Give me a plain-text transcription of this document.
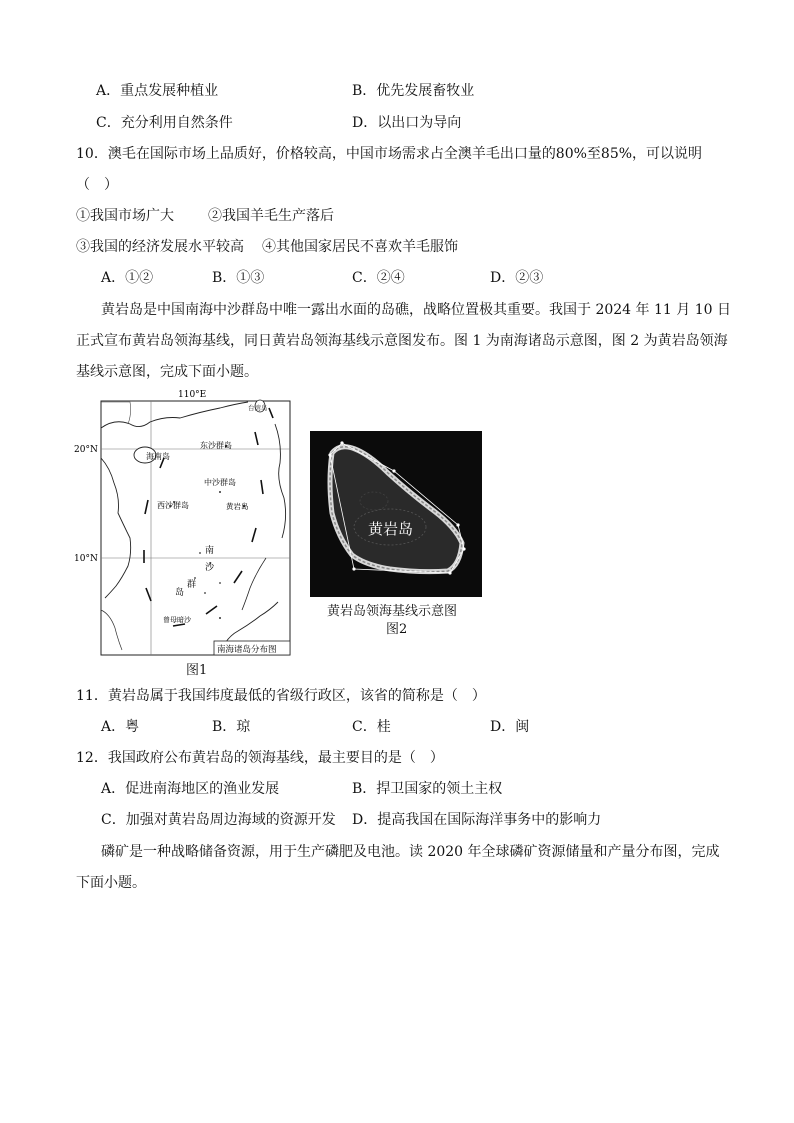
A．重点发展种植业	B．优先发展畜牧业
C．充分利用自然条件	D．以出口为导向
10．澳毛在国际市场上品质好，价格较高，中国市场需求占全澳羊毛出口量的80%至85%，可以说明
（　）
①我国市场广大 ②我国羊毛生产落后
③我国的经济发展水平较高 ④其他国家居民不喜欢羊毛服饰
A．①②	B．①③	C．②④	D．②③
黄岩岛是中国南海中沙群岛中唯一露出水面的岛礁，战略位置极其重要。我国于 2024 年 11 月 10 日
正式宣布黄岩岛领海基线，同日黄岩岛领海基线示意图发布。图 1 为南海诸岛示意图，图 2 为黄岩岛领海
基线示意图，完成下面小题。
110°E
20°N
10°N
台湾岛
海南岛
东沙群岛
中沙群岛
西沙群岛	黄岩岛
南
沙
群
岛
曾母暗沙
南海诸岛分布图
图1
黄岩岛
黄岩岛领海基线示意图
图2
11．黄岩岛属于我国纬度最低的省级行政区，该省的简称是（　）
A．粤	B．琼	C．桂	D．闽
12．我国政府公布黄岩岛的领海基线，最主要目的是（　）
A．促进南海地区的渔业发展	B．捍卫国家的领土主权
C．加强对黄岩岛周边海域的资源开发 D．提高我国在国际海洋事务中的影响力
磷矿是一种战略储备资源，用于生产磷肥及电池。读 2020 年全球磷矿资源储量和产量分布图，完成
下面小题。
